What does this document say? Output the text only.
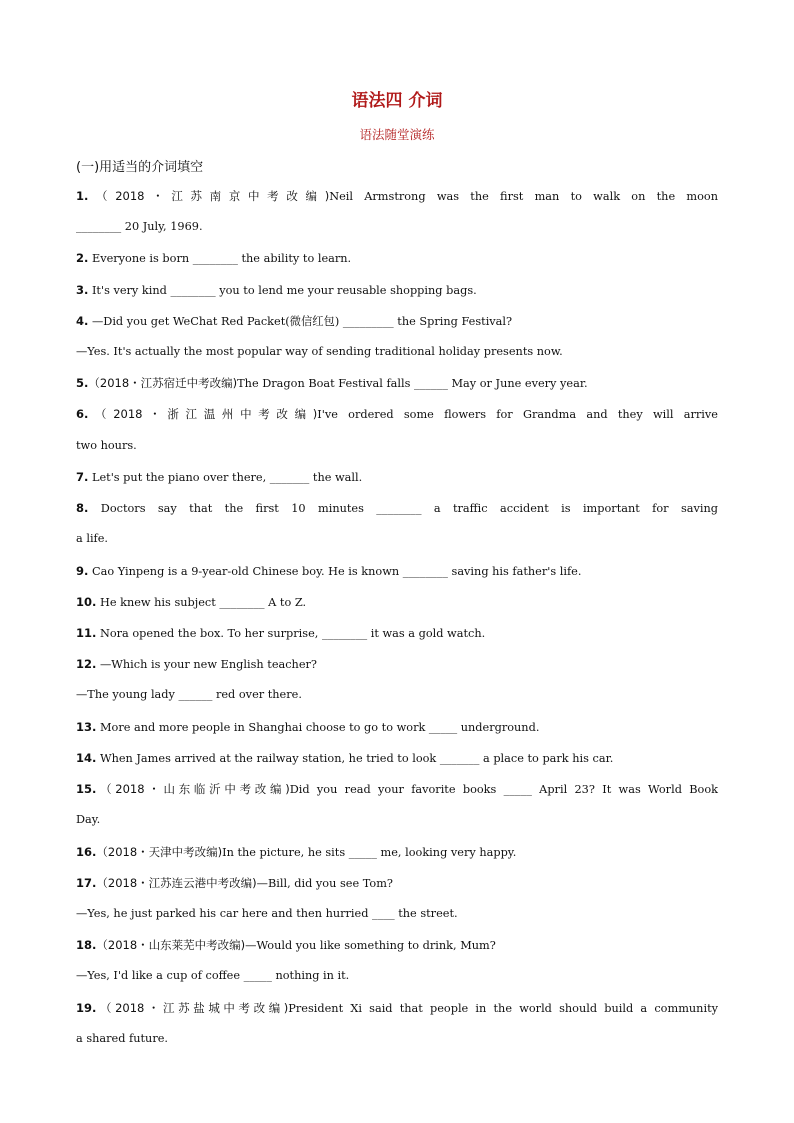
语法四 介词
语法随堂演练
(一)用适当的介词填空
1.（2018・江苏南京中考改编)Neil Armstrong was the first man to walk on the moon
________ 20 July, 1969.
2. Everyone is born ________ the ability to learn.
3. It's very kind ________ you to lend me your reusable shopping bags.
4. —Did you get WeChat Red Packet(微信红包) _________ the Spring Festival?
—Yes. It's actually the most popular way of sending traditional holiday presents now.
5.（2018・江苏宿迁中考改编)The Dragon Boat Festival falls ______ May or June every year.
6.（2018・浙江温州中考改编)I've ordered some flowers for Grandma and they will arrive
two hours.
7. Let's put the piano over there, _______ the wall.
8. Doctors say that the first 10 minutes ________ a traffic accident is important for saving
a life.
9. Cao Yinpeng is a 9-year-old Chinese boy. He is known ________ saving his father's life.
10. He knew his subject ________ A to Z.
11. Nora opened the box. To her surprise, ________ it was a gold watch.
12. —Which is your new English teacher?
—The young lady ______ red over there.
13. More and more people in Shanghai choose to go to work _____ underground.
14. When James arrived at the railway station, he tried to look _______ a place to park his car.
15.（2018・山东临沂中考改编)Did you read your favorite books _____ April 23? It was World Book
Day.
16.（2018・天津中考改编)In the picture, he sits _____ me, looking very happy.
17.（2018・江苏连云港中考改编)—Bill, did you see Tom?
—Yes, he just parked his car here and then hurried ____ the street.
18.（2018・山东莱芜中考改编)—Would you like something to drink, Mum?
—Yes, I'd like a cup of coffee _____ nothing in it.
19.（2018・江苏盐城中考改编)President Xi said that people in the world should build a community
a shared future.
